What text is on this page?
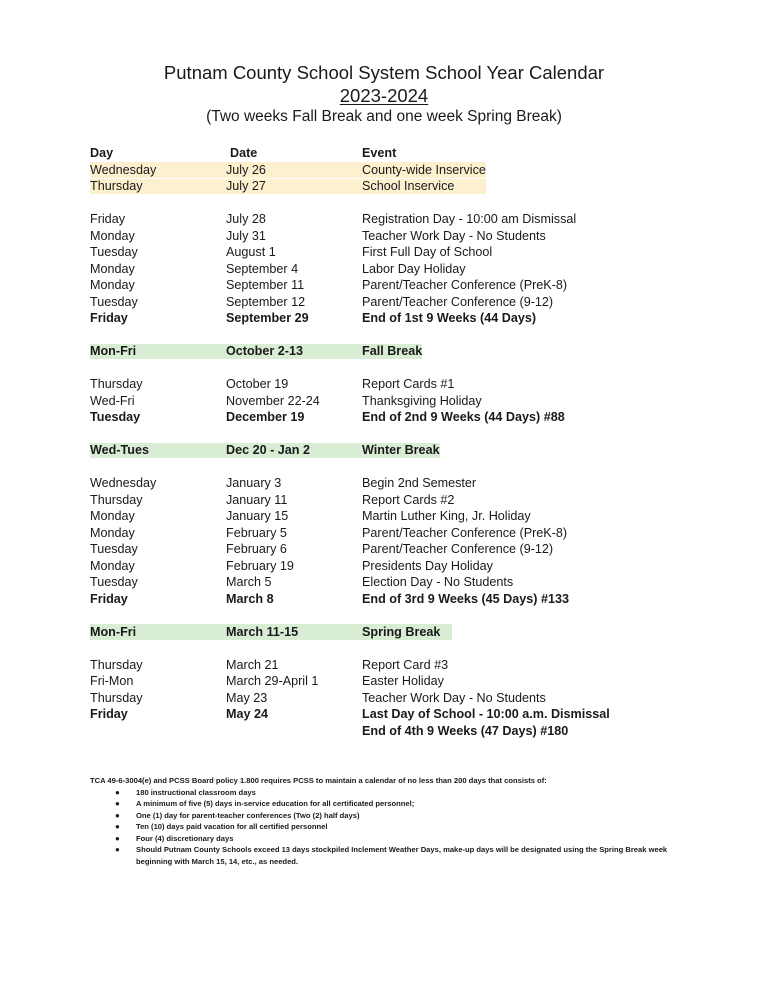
Putnam County School System School Year Calendar
2023-2024
(Two weeks Fall Break and one week Spring Break)
Day	Date	Event
Wednesday	July 26	County-wide Inservice
Thursday	July 27	School Inservice
Friday	July 28	Registration Day - 10:00 am Dismissal
Monday	July 31	Teacher Work Day - No Students
Tuesday	August 1	First Full Day of School
Monday	September 4	Labor Day Holiday
Monday	September 11	Parent/Teacher Conference (PreK-8)
Tuesday	September 12	Parent/Teacher Conference (9-12)
Friday	September 29	End of 1st 9 Weeks (44 Days)
Mon-Fri	October 2-13	Fall Break
Thursday	October 19	Report Cards #1
Wed-Fri	November 22-24	Thanksgiving Holiday
Tuesday	December 19	End of 2nd 9 Weeks (44 Days) #88
Wed-Tues	Dec 20 - Jan 2	Winter Break
Wednesday	January 3	Begin 2nd Semester
Thursday	January 11	Report Cards #2
Monday	January 15	Martin Luther King, Jr. Holiday
Monday	February 5	Parent/Teacher Conference (PreK-8)
Tuesday	February 6	Parent/Teacher Conference (9-12)
Monday	February 19	Presidents Day Holiday
Tuesday	March 5	Election Day - No Students
Friday	March 8	End of 3rd 9 Weeks (45 Days) #133
Mon-Fri	March 11-15	Spring Break
Thursday	March 21	Report Card #3
Fri-Mon	March 29-April 1	Easter Holiday
Thursday	May 23	Teacher Work Day - No Students
Friday	May 24	Last Day of School - 10:00 a.m. Dismissal
End of 4th 9 Weeks (47 Days) #180
TCA 49-6-3004(e) and PCSS Board policy 1.800 requires PCSS to maintain a calendar of no less than 200 days that consists of:
● 180 instructional classroom days
● A minimum of five (5) days in-service education for all certificated personnel;
● One (1) day for parent-teacher conferences (Two (2) half days)
● Ten (10) days paid vacation for all certified personnel
● Four (4) discretionary days
● Should Putnam County Schools exceed 13 days stockpiled Inclement Weather Days, make-up days will be designated using the Spring Break week beginning with March 15, 14, etc., as needed.
